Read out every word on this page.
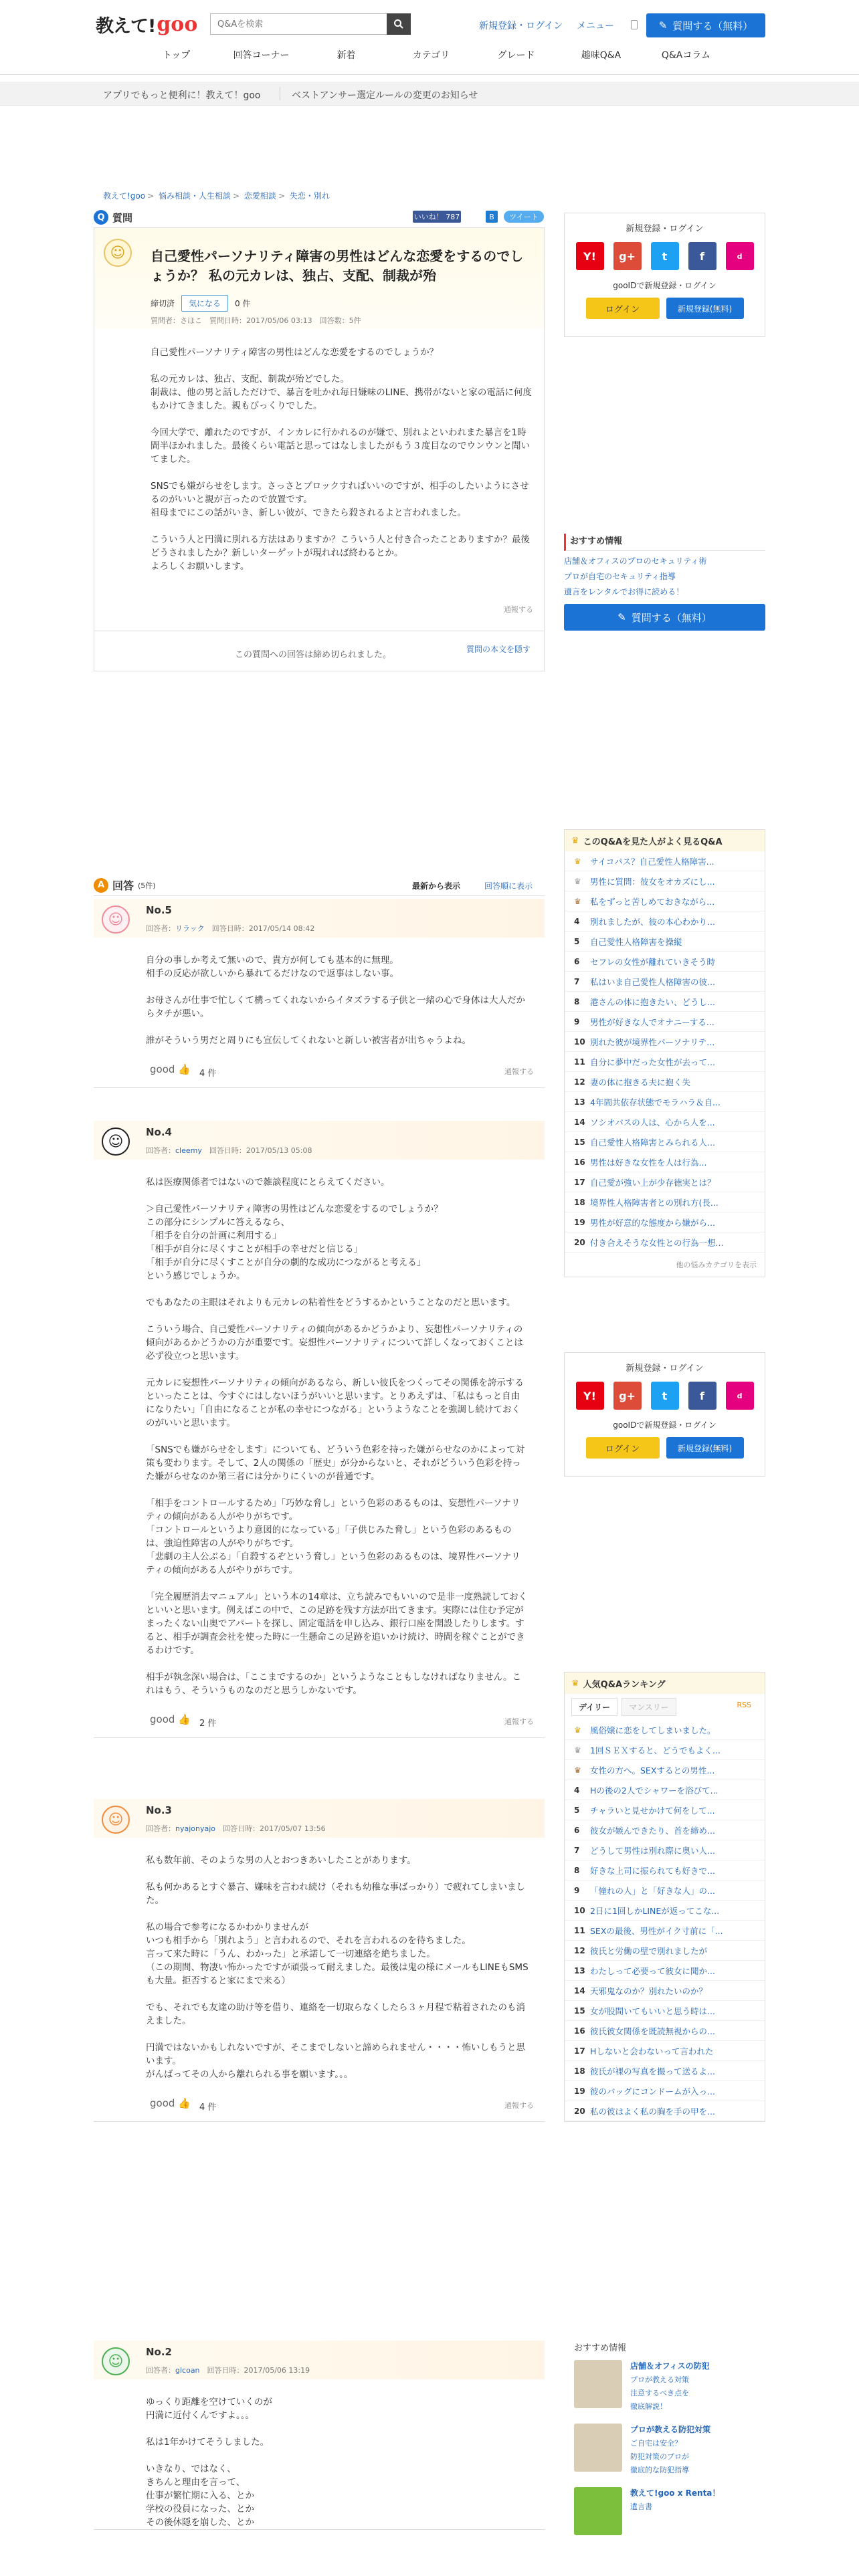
教えて! goo
Q&Aを検索	新規登録・ログイン メニュー	✎ 質問する（無料）
トップ	回答コーナー	新着	カテゴリ	グレード	趣味Q&A	Q&Aコラム
アプリでもっと便利に！教えて！goo	ベストアンサー選定ルールの変更のお知らせ
教えて!goo > 悩み相談・人生相談 > 恋愛相談 > 失恋・別れ
Q 質問	いいね！ 787	B	ツイート
☺	自己愛性パーソナリティ障害の男性はどんな恋愛をするのでしょうか？ 私の元カレは、独占、支配、制裁が殆
締切済	気になる	0 件
質問者：さほこ　質問日時：2017/05/06 03:13　回答数：5件
自己愛性パーソナリティ障害の男性はどんな恋愛をするのでしょうか？

私の元カレは、独占、支配、制裁が殆どでした。
制裁は、他の男と話しただけで、暴言を吐かれ毎日嫌味のLINE、携帯がないと家の電話に何度もかけてきました。親もびっくりでした。

今回大学で、離れたのですが、インカレに行かれるのが嫌で、別れよといわれまた暴言を1時間半ほかれました。最後くらい電話と思ってはなしましたがもう３度目なのでウンウンと聞いてました。

SNSでも嫌がらせをします。さっさとブロックすればいいのですが、相手のしたいようにさせるのがいいと親が言ったので放置です。
祖母までにこの話がいき、新しい彼が、できたら殺されるよと言われました。

こういう人と円満に別れる方法はありますか？こういう人と付き合ったことありますか？最後どうされましたか？新しいターゲットが現れれば終わるとか。
よろしくお願いします。
通報する
この質問への回答は締め切られました。
質問の本文を隠す
新規登録・ログイン
Y!	g+	t	f	d
gooIDで新規登録・ログイン
ログイン	新規登録(無料)
おすすめ情報
店舗＆オフィスのプロのセキュリティ術
プロが自宅のセキュリティ指導
遺言をレンタルでお得に読める！
✎ 質問する（無料）
♛ このQ&Aを見た人がよく見るQ&A
♛	サイコパス？自己愛性人格障害...
♛	男性に質問：彼女をオカズにし...
♛	私をずっと苦しめておきながら...
4	別れましたが、彼の本心わかり...
5	自己愛性人格障害を操縦
6	セフレの女性が離れていきそう時
7	私はいま自己愛性人格障害の彼...
8	港さんの体に抱きたい、どうし...
9	男性が好きな人でオナニーする...
10 別れた彼が境界性パーソナリテ...
11 自分に夢中だった女性が去って...
12 妻の体に抱きる夫に抱く失
13 4年間共依存状態でモラハラ＆自...
14 ソシオパスの人は、心から人を...
15 自己愛性人格障害とみられる人...
16 男性は好きな女性を人は行為...
17 自己愛が強い上が少存徳実とは？
18 境界性人格障害者との別れ方(長...
19 男性が好意的な態度から嫌がら...
20 付き合えそうな女性との行為一想...
他の悩みカテゴリを表示
新規登録・ログイン
Y!	g+	t	f	d
gooIDで新規登録・ログイン
ログイン	新規登録(無料)
♛ 人気Q&Aランキング
デイリー	マンスリー	RSS
♛	風俗嬢に恋をしてしまいました。
♛	1回ＳＥＸすると、どうでもよく...
♛	女性の方へ。SEXするとの男性...
4	Hの後の2人でシャワーを浴びて...
5	チャラいと見せかけて何をして...
6	彼女が嫉んできたり、首を締め...
7	どうして男性は別れ際に奥い人...
8	好きな上司に振られても好きで...
9	「憧れの人」と「好きな人」の...
10 2日に1回しかLINEが返ってこな...
11 SEXの最後、男性がイク寸前に「...
12 彼氏と労働の壁で別れましたが
13 わたしって必要って彼女に聞か...
14 天邪鬼なのか？別れたいのか？
15 女が股間いてもいいと思う時は...
16 彼氏彼女関係を既読無視からの...
17 Hしないと会わないって言われた
18 彼氏が裸の写真を撮って送るよ...
19 彼のバッグにコンドームが入っ...
20 私の彼はよく私の胸を手の甲を...
A 回答 (5件)	最新から表示	回答順に表示
☺
No.5
回答者：リラック　 回答日時：2017/05/14 08:42
自分の事しか考えて無いので、貴方が何しても基本的に無理。
相手の反応が欲しいから暴れてるだけなので返事はしない事。

お母さんが仕事で忙しくて構ってくれないからイタズラする子供と一緒の心で身体は大人だからタチが悪い。

誰がそういう男だと周りにも宣伝してくれないと新しい被害者が出ちゃうよね。
good 👍 4 件	通報する
☺
No.4
回答者：cleemy　 回答日時：2017/05/13 05:08
私は医療関係者ではないので雑談程度にとらえてください。

＞自己愛性パーソナリティ障害の男性はどんな恋愛をするのでしょうか？
この部分にシンプルに答えるなら、
「相手を自分の計画に利用する」
「相手が自分に尽くすことが相手の幸せだと信じる」
「相手が自分に尽くすことが自分の劇的な成功につながると考える」
という感じでしょうか。

でもあなたの主眼はそれよりも元カレの粘着性をどうするかということなのだと思います。

こういう場合、自己愛性パーソナリティの傾向があるかどうかより、妄想性パーソナリティの傾向があるかどうかの方が重要です。妄想性パーソナリティについて詳しくなっておくことは必ず役立つと思います。

元カレに妄想性パーソナリティの傾向があるなら、新しい彼氏をつくってその関係を誇示するといったことは、今すぐにはしないほうがいいと思います。とりあえずは、「私はもっと自由になりたい」「自由になることが私の幸せにつながる」というようなことを強調し続けておくのがいいと思います。

「SNSでも嫌がらせをします」についても、どういう色彩を持った嫌がらせなのかによって対策も変わります。そして、2人の関係の「歴史」が分からないと、それがどういう色彩を持った嫌がらせなのか第三者には分かりにくいのが普通です。

「相手をコントロールするため」「巧妙な脅し」という色彩のあるものは、妄想性パーソナリティの傾向がある人がやりがちです。
「コントロールというより意図的になっている」「子供じみた脅し」という色彩のあるものは、強迫性障害の人がやりがちです。
「悲劇の主人公ぶる」「自殺するぞという脅し」という色彩のあるものは、境界性パーソナリティの傾向がある人がやりがちです。

「完全履歴消去マニュアル」という本の14章は、立ち読みでもいいので是非一度熟読しておくといいと思います。例えばこの中で、この足跡を残す方法が出てきます。実際には住む予定がまったくない山奥でアパートを探し、固定電話を申し込み、銀行口座を開設したりします。すると、相手が調査会社を使った時に一生懸命この足跡を追いかけ続け、時間を稼ぐことができるわけです。

相手が執念深い場合は、「ここまでするのか」というようなこともしなければなりません。これはもう、そういうものなのだと思うしかないです。
good 👍 2 件	通報する
☺
No.3
回答者：nyajonyajo　 回答日時：2017/05/07 13:56
私も数年前、そのような男の人とおつきあいしたことがあります。

私も何かあるとすぐ暴言、嫌味を言われ続け（それも幼稚な事ばっかり）で疲れてしまいました。

私の場合で参考になるかわかりませんが
いつも相手から「別れよう」と言われるので、それを言われるのを待ちました。
言って来た時に「うん、わかった」と承諾して一切連絡を絶ちました。
（この期間、物凄い怖かったですが頑張って耐えました。最後は鬼の様にメールもLINEもSMSも大量。拒否すると家にまで来る）

でも、それでも友達の助け等を借り、連絡を一切取らなくしたら３ヶ月程で粘着されたのも消えました。

円満ではないかもしれないですが、そこまでしないと諦められません・・・・怖いしもうと思います。
がんばってその人から離れられる事を願います。。。
good 👍 4 件	通報する
☺
No.2
回答者：glcoan　 回答日時：2017/05/06 13:19
ゆっくり距離を空けていくのが
円満に近付くんですよ。。。

私は1年かけてそうしました。

いきなり、ではなく、
きちんと理由を言って、
仕事が繁忙期に入る、とか
学校の役員になった、とか
その後休隠を崩した、とか
おすすめ情報
店舗＆オフィスの防犯
プロが教える対策
注意するべき点を
徹底解説！
プロが教える防犯対策
ご自宅は安全？
防犯対策のプロが
徹底的な防犯指導
教えて!goo x Renta！
遺言書
